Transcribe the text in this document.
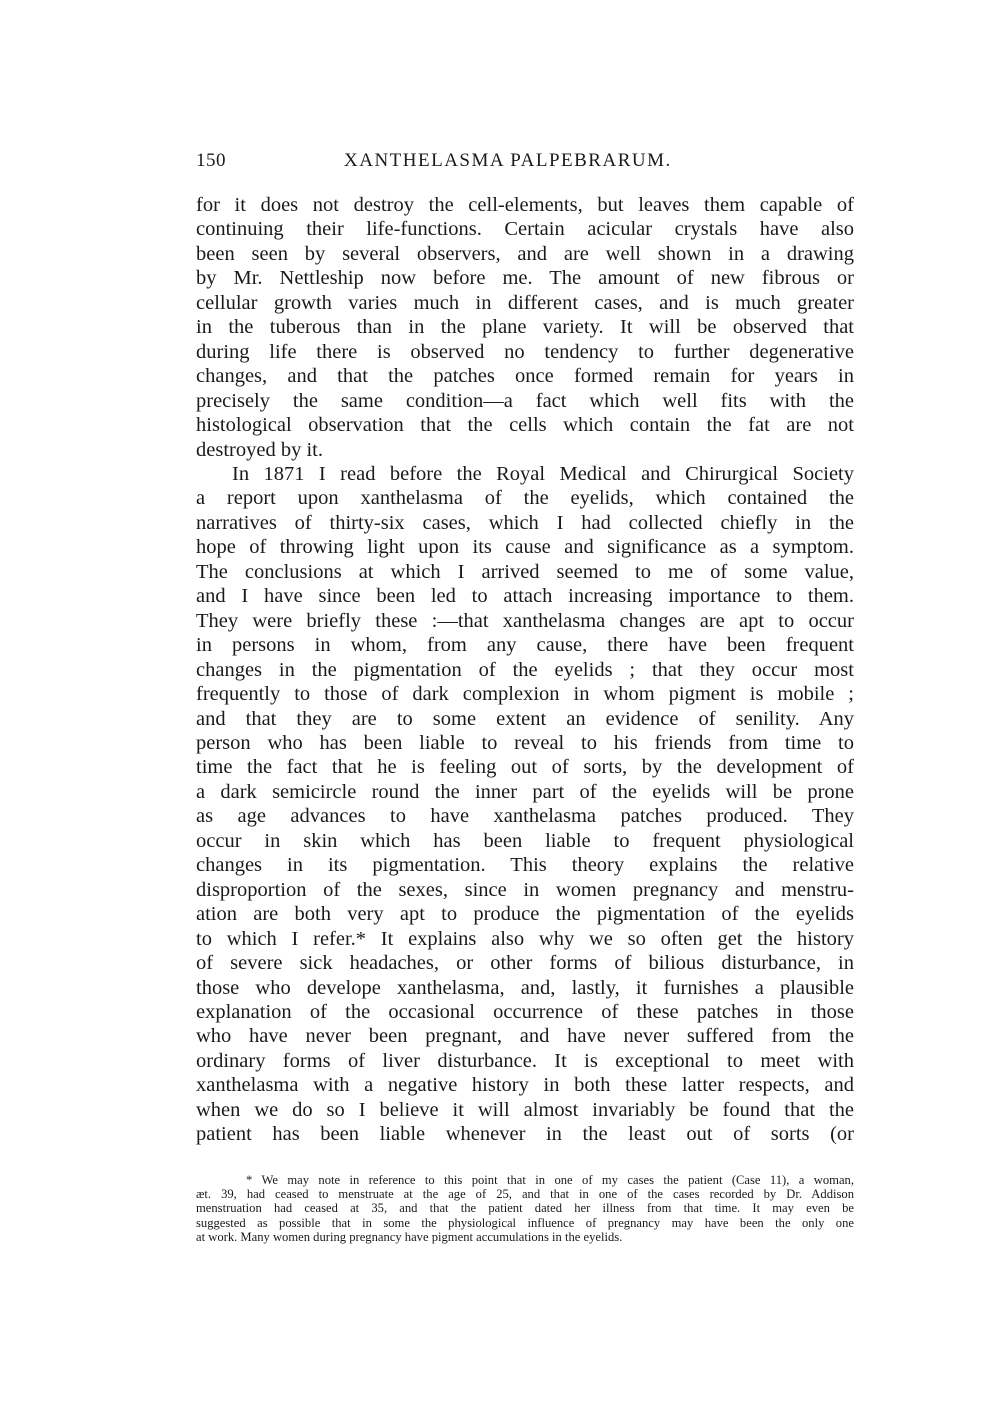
150	XANTHELASMA PALPEBRARUM.
for it does not destroy the cell-elements, but leaves them capable of
continuing their life-functions. Certain acicular crystals have also
been seen by several observers, and are well shown in a drawing
by Mr. Nettleship now before me. The amount of new fibrous or
cellular growth varies much in different cases, and is much greater
in the tuberous than in the plane variety. It will be observed that
during life there is observed no tendency to further degenerative
changes, and that the patches once formed remain for years in
precisely the same condition—a fact which well fits with the
histological observation that the cells which contain the fat are not
destroyed by it.
In 1871 I read before the Royal Medical and Chirurgical Society
a report upon xanthelasma of the eyelids, which contained the
narratives of thirty-six cases, which I had collected chiefly in the
hope of throwing light upon its cause and significance as a symptom.
The conclusions at which I arrived seemed to me of some value,
and I have since been led to attach increasing importance to them.
They were briefly these :—that xanthelasma changes are apt to occur
in persons in whom, from any cause, there have been frequent
changes in the pigmentation of the eyelids ; that they occur most
frequently to those of dark complexion in whom pigment is mobile ;
and that they are to some extent an evidence of senility. Any
person who has been liable to reveal to his friends from time to
time the fact that he is feeling out of sorts, by the development of
a dark semicircle round the inner part of the eyelids will be prone
as age advances to have xanthelasma patches produced. They
occur in skin which has been liable to frequent physiological
changes in its pigmentation. This theory explains the relative
disproportion of the sexes, since in women pregnancy and menstru-
ation are both very apt to produce the pigmentation of the eyelids
to which I refer.* It explains also why we so often get the history
of severe sick headaches, or other forms of bilious disturbance, in
those who develope xanthelasma, and, lastly, it furnishes a plausible
explanation of the occasional occurrence of these patches in those
who have never been pregnant, and have never suffered from the
ordinary forms of liver disturbance. It is exceptional to meet with
xanthelasma with a negative history in both these latter respects, and
when we do so I believe it will almost invariably be found that the
patient has been liable whenever in the least out of sorts (or
* We may note in reference to this point that in one of my cases the patient (Case 11), a woman,
æt. 39, had ceased to menstruate at the age of 25, and that in one of the cases recorded by Dr. Addison
menstruation had ceased at 35, and that the patient dated her illness from that time. It may even be
suggested as possible that in some the physiological influence of pregnancy may have been the only one
at work. Many women during pregnancy have pigment accumulations in the eyelids.
